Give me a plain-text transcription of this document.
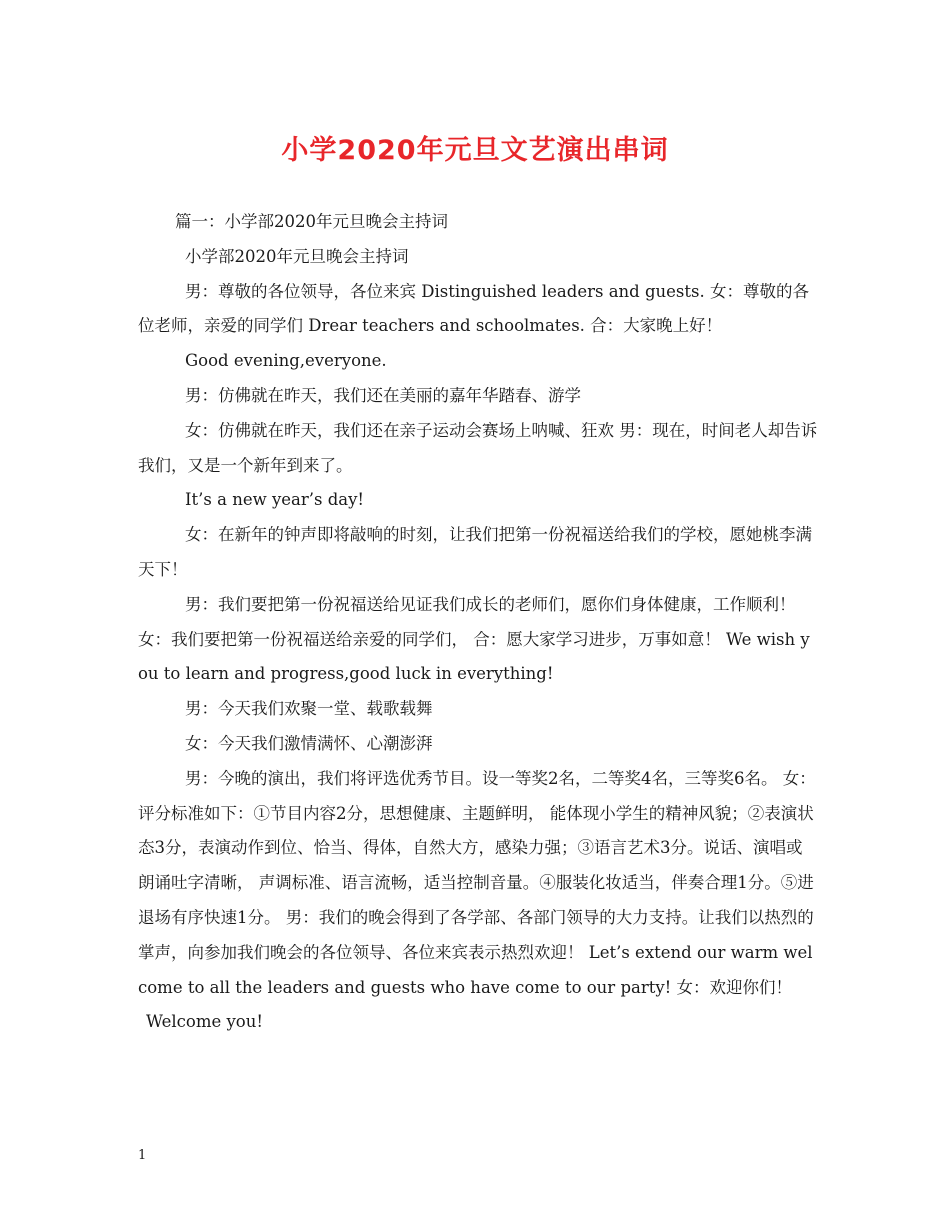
小学2020年元旦文艺演出串词

篇一：小学部2020年元旦晚会主持词

小学部2020年元旦晚会主持词

男：尊敬的各位领导，各位来宾 Distinguished leaders and guests. 女：尊敬的各位老师，亲爱的同学们 Drear teachers and schoolmates. 合：大家晚上好！

Good evening,everyone.

男：仿佛就在昨天，我们还在美丽的嘉年华踏春、游学

女：仿佛就在昨天，我们还在亲子运动会赛场上呐喊、狂欢 男：现在，时间老人却告诉我们，又是一个新年到来了。

It’s a new year’s day!

女：在新年的钟声即将敲响的时刻，让我们把第一份祝福送给我们的学校，愿她桃李满天下！

男：我们要把第一份祝福送给见证我们成长的老师们，愿你们身体健康，工作顺利！ 女：我们要把第一份祝福送给亲爱的同学们， 合：愿大家学习进步，万事如意！ We wish you to learn and progress,good luck in everything!

男：今天我们欢聚一堂、载歌载舞

女：今天我们激情满怀、心潮澎湃

男：今晚的演出，我们将评选优秀节目。设一等奖2名，二等奖4名，三等奖6名。 女：评分标准如下：①节目内容2分，思想健康、主题鲜明， 能体现小学生的精神风貌；②表演状态3分，表演动作到位、恰当、得体，自然大方，感染力强；③语言艺术3分。说话、演唱或朗诵吐字清晰， 声调标准、语言流畅，适当控制音量。④服装化妆适当，伴奏合理1分。⑤进退场有序快速1分。 男：我们的晚会得到了各学部、各部门领导的大力支持。让我们以热烈的掌声，向参加我们晚会的各位领导、各位来宾表示热烈欢迎！ Let’s extend our warm welcome to all the leaders and guests who have come to our party! 女：欢迎你们！

Welcome you!

1
